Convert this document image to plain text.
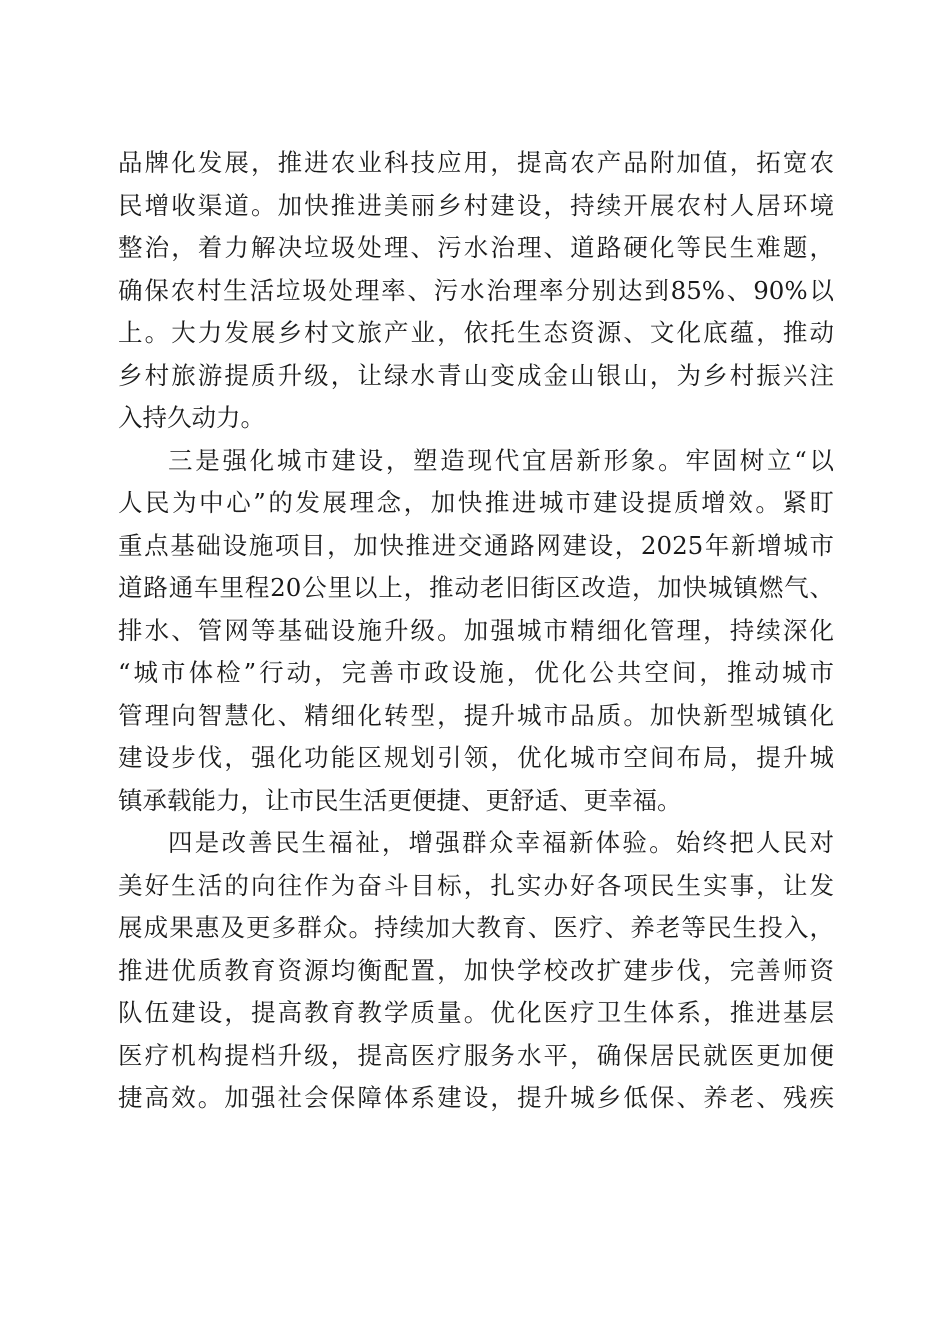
品牌化发展，推进农业科技应用，提高农产品附加值，拓宽农
民增收渠道。加快推进美丽乡村建设，持续开展农村人居环境
整治，着力解决垃圾处理、污水治理、道路硬化等民生难题，
确保农村生活垃圾处理率、污水治理率分别达到85%、90%以
上。大力发展乡村文旅产业，依托生态资源、文化底蕴，推动
乡村旅游提质升级，让绿水青山变成金山银山，为乡村振兴注
入持久动力。
三是强化城市建设，塑造现代宜居新形象。牢固树立“以
人民为中心”的发展理念，加快推进城市建设提质增效。紧盯
重点基础设施项目，加快推进交通路网建设，2025年新增城市
道路通车里程20公里以上，推动老旧街区改造，加快城镇燃气、
排水、管网等基础设施升级。加强城市精细化管理，持续深化
“城市体检”行动，完善市政设施，优化公共空间，推动城市
管理向智慧化、精细化转型，提升城市品质。加快新型城镇化
建设步伐，强化功能区规划引领，优化城市空间布局，提升城
镇承载能力，让市民生活更便捷、更舒适、更幸福。
四是改善民生福祉，增强群众幸福新体验。始终把人民对
美好生活的向往作为奋斗目标，扎实办好各项民生实事，让发
展成果惠及更多群众。持续加大教育、医疗、养老等民生投入，
推进优质教育资源均衡配置，加快学校改扩建步伐，完善师资
队伍建设，提高教育教学质量。优化医疗卫生体系，推进基层
医疗机构提档升级，提高医疗服务水平，确保居民就医更加便
捷高效。加强社会保障体系建设，提升城乡低保、养老、残疾
